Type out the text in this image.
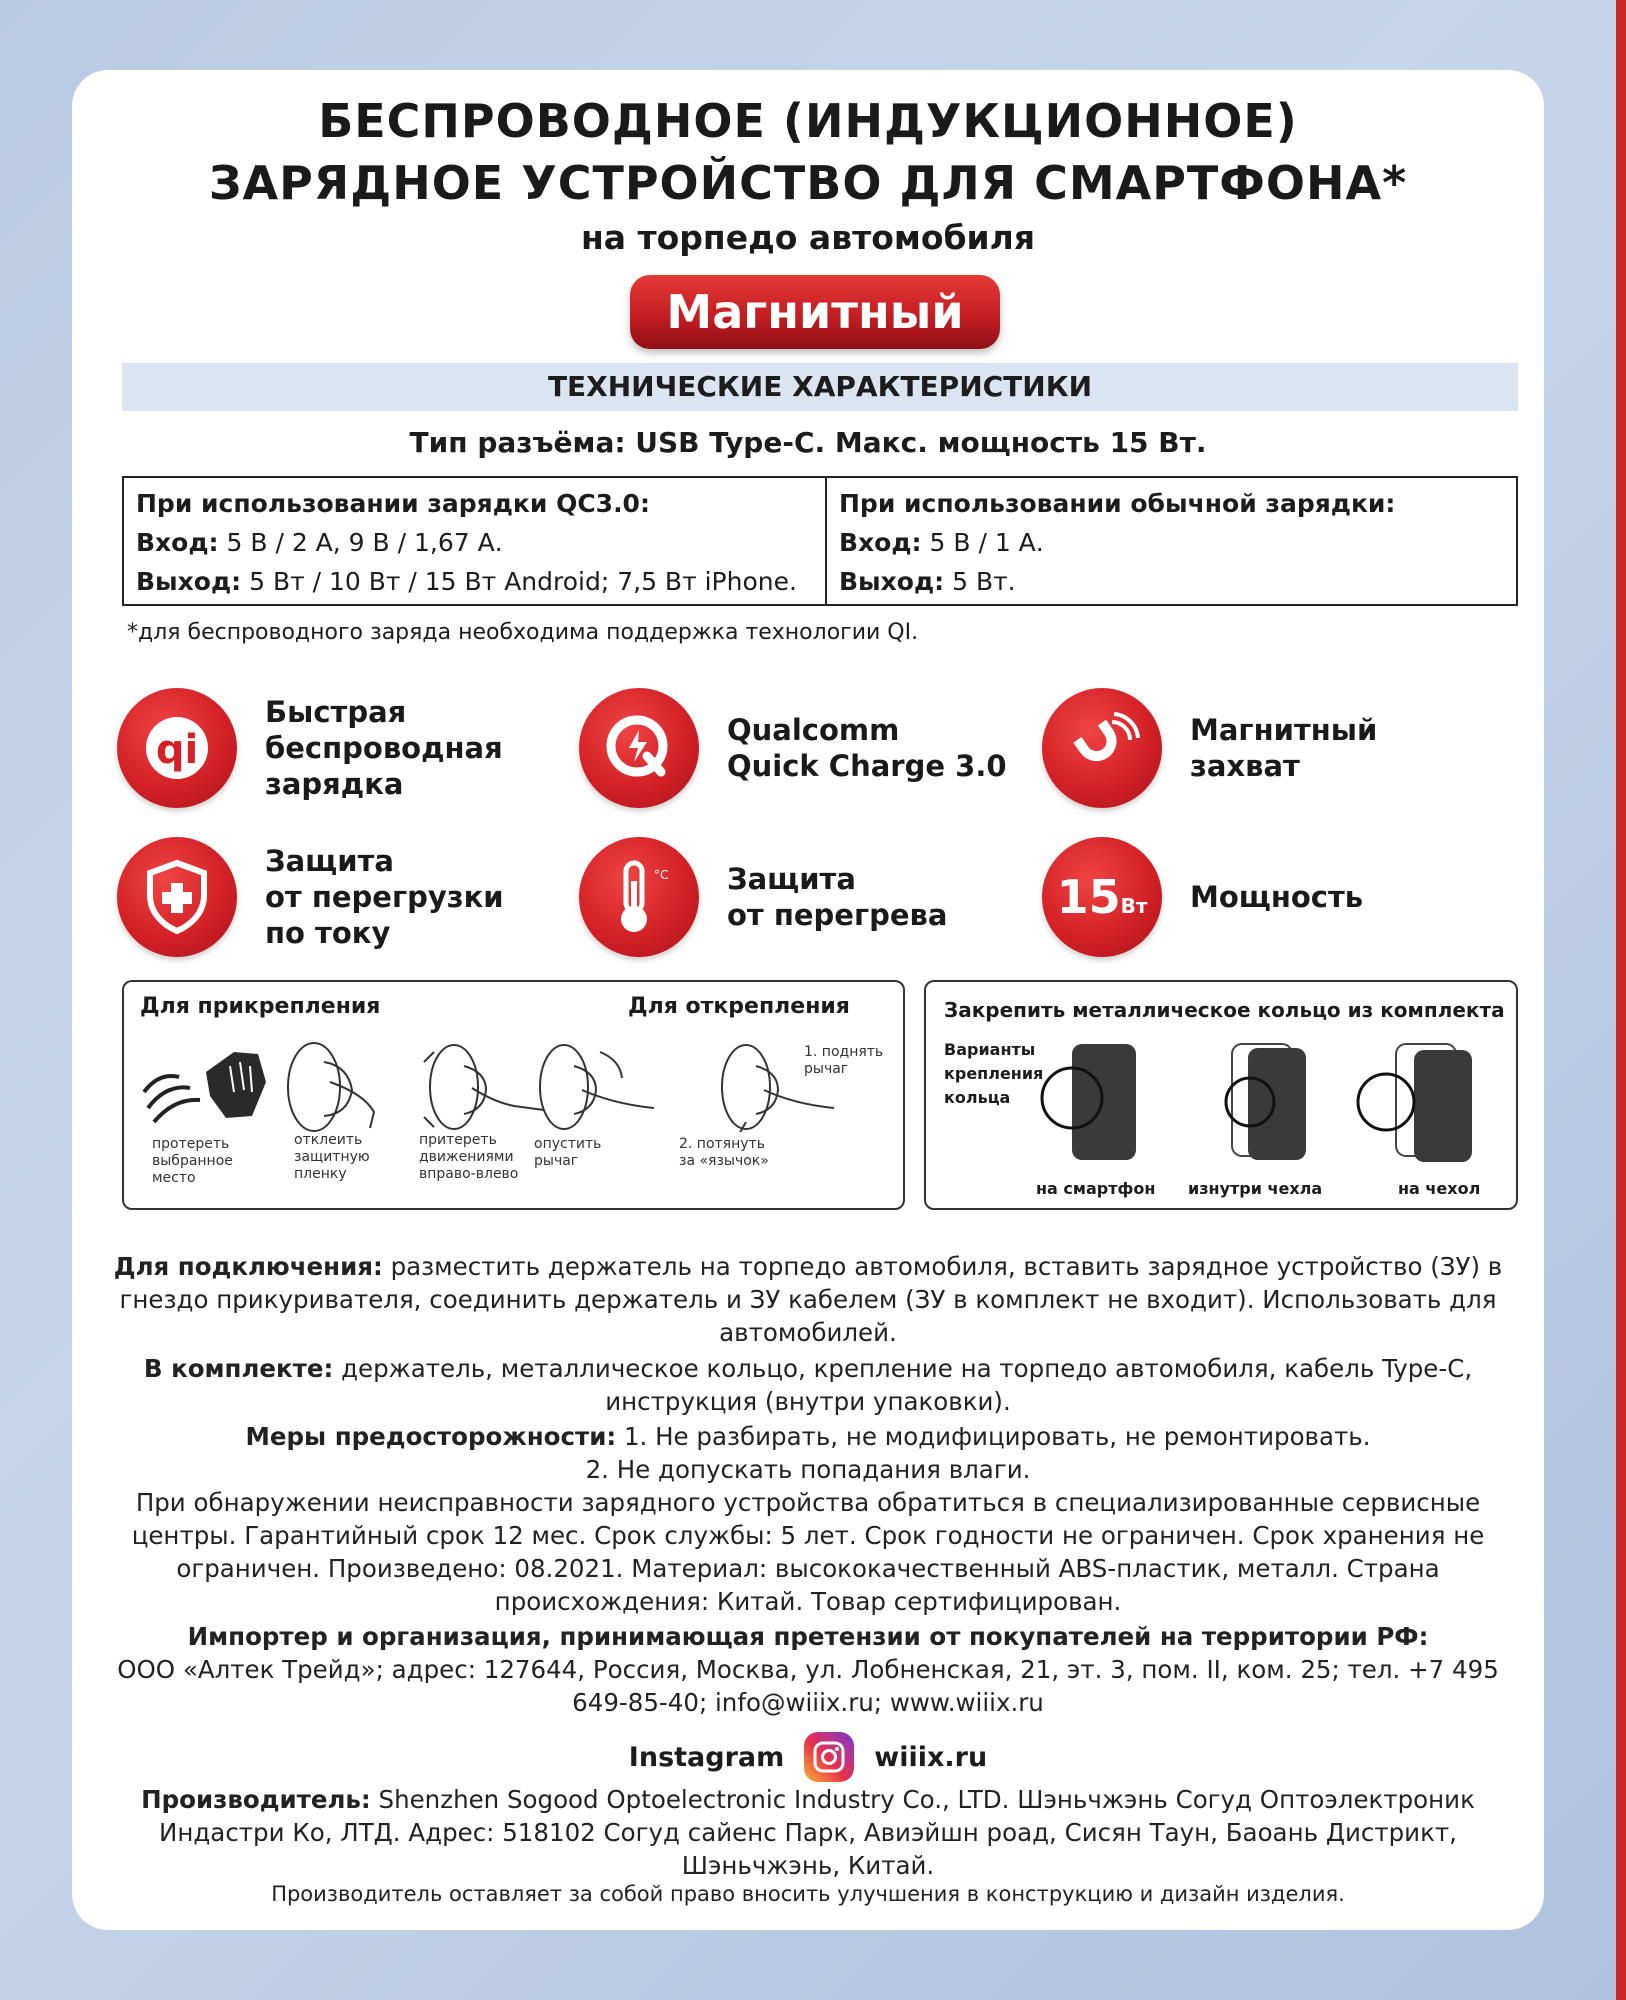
БЕСПРОВОДНОЕ (ИНДУКЦИОННОЕ)
ЗАРЯДНОЕ УСТРОЙСТВО ДЛЯ СМАРТФОНА*
на торпедо автомобиля
Магнитный
ТЕХНИЧЕСКИЕ ХАРАКТЕРИСТИКИ
Тип разъёма: USB Type-C. Макс. мощность 15 Вт.
При использовании зарядки QC3.0:
Вход: 5 В / 2 А, 9 В / 1,67 А.
Выход: 5 Вт / 10 Вт / 15 Вт Android; 7,5 Вт iPhone.
При использовании обычной зарядки:
Вход: 5 В / 1 А.
Выход: 5 Вт.
*для беспроводного заряда необходима поддержка технологии QI.
qi
Быстрая
беспроводная
зарядка
Qualcomm
Quick Charge 3.0
Магнитный
захват
Защита
от перегрузки
по току
°C Защита
от перегрева 15 Вт Мощность
Для прикрепления	Для открепления
протереть
выбранное
место
отклеить
защитную
пленку
притереть
движениями
вправо-влево
опустить
рычаг
1. поднять
рычаг
2. потянуть
за «язычок»
Закрепить металлическое кольцо из комплекта
Варианты
крепления
кольца
на смартфон изнутри чехла	на чехол
Для подключения: разместить держатель на торпедо автомобиля, вставить зарядное устройство (ЗУ) в гнездо прикуривателя, соединить держатель и ЗУ кабелем (ЗУ в комплект не входит). Использовать для автомобилей.
В комплекте: держатель, металлическое кольцо, крепление на торпедо автомобиля, кабель Type-C, инструкция (внутри упаковки).
Меры предосторожности: 1. Не разбирать, не модифицировать, не ремонтировать.
2. Не допускать попадания влаги.
При обнаружении неисправности зарядного устройства обратиться в специализированные сервисные центры. Гарантийный срок 12 мес. Срок службы: 5 лет. Срок годности не ограничен. Срок хранения не ограничен. Произведено: 08.2021. Материал: высококачественный ABS-пластик, металл. Страна происхождения: Китай. Товар сертифицирован.
Импортер и организация, принимающая претензии от покупателей на территории РФ:
ООО «Алтек Трейд»; адрес: 127644, Россия, Москва, ул. Лобненская, 21, эт. 3, пом. II, ком. 25; тел. +7 495 649-85-40; info@wiiix.ru; www.wiiix.ru
Instagram	wiiix.ru
Производитель: Shenzhen Sogood Optoelectronic Industry Co., LTD. Шэньчжэнь Согуд Оптоэлектроник Индастри Ко, ЛТД. Адрес: 518102 Согуд сайенс Парк, Авиэйшн роад, Сисян Таун, Баоань Дистрикт, Шэньчжэнь, Китай.
Производитель оставляет за собой право вносить улучшения в конструкцию и дизайн изделия.
